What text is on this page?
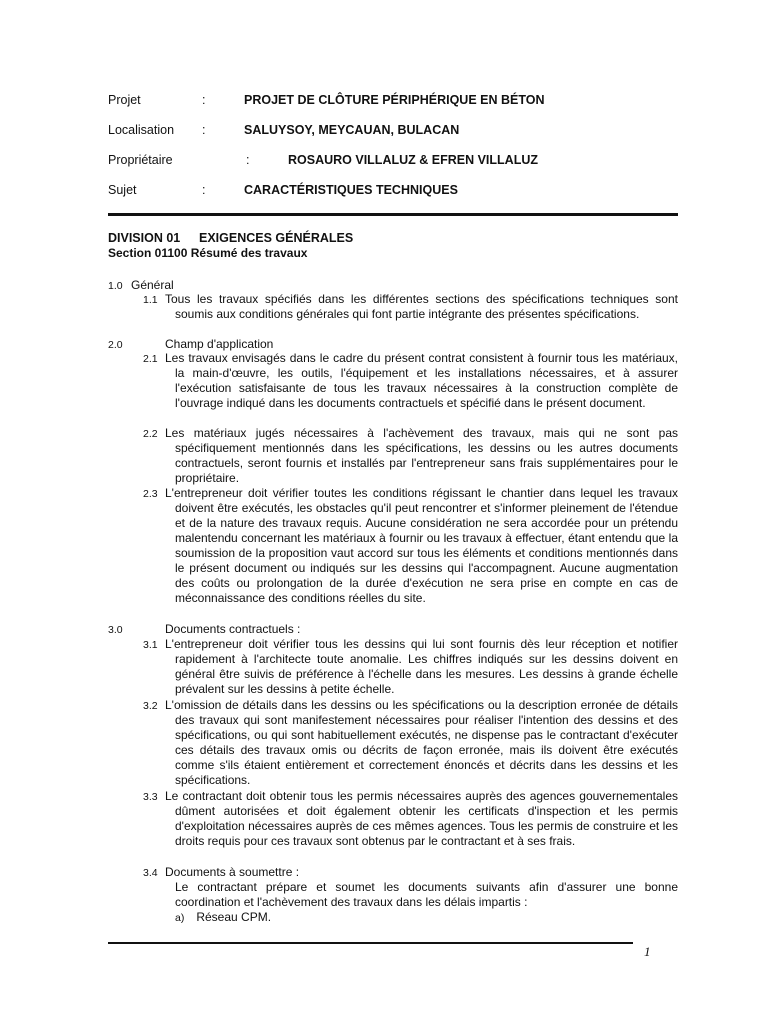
Projet	:	PROJET DE CLÔTURE PÉRIPHÉRIQUE EN BÉTON
Localisation :	SALUYSOY, MEYCAUAN, BULACAN
Propriétaire	:	ROSAURO VILLALUZ & EFREN VILLALUZ
Sujet	:	CARACTÉRISTIQUES TECHNIQUES
DIVISION 01 EXIGENCES GÉNÉRALES
Section 01100 Résumé des travaux
1.0 Général
1.1 Tous les travaux spécifiés dans les différentes sections des spécifications techniques sont soumis aux conditions générales qui font partie intégrante des présentes spécifications.
2.0	Champ d'application
2.1 Les travaux envisagés dans le cadre du présent contrat consistent à fournir tous les matériaux, la main-d'œuvre, les outils, l'équipement et les installations nécessaires, et à assurer l'exécution satisfaisante de tous les travaux nécessaires à la construction complète de l'ouvrage indiqué dans les documents contractuels et spécifié dans le présent document.
2.2 Les matériaux jugés nécessaires à l'achèvement des travaux, mais qui ne sont pas spécifiquement mentionnés dans les spécifications, les dessins ou les autres documents contractuels, seront fournis et installés par l'entrepreneur sans frais supplémentaires pour le propriétaire.
2.3 L'entrepreneur doit vérifier toutes les conditions régissant le chantier dans lequel les travaux doivent être exécutés, les obstacles qu'il peut rencontrer et s'informer pleinement de l'étendue et de la nature des travaux requis. Aucune considération ne sera accordée pour un prétendu malentendu concernant les matériaux à fournir ou les travaux à effectuer, étant entendu que la soumission de la proposition vaut accord sur tous les éléments et conditions mentionnés dans le présent document ou indiqués sur les dessins qui l'accompagnent. Aucune augmentation des coûts ou prolongation de la durée d'exécution ne sera prise en compte en cas de méconnaissance des conditions réelles du site.
3.0	Documents contractuels :
3.1 L'entrepreneur doit vérifier tous les dessins qui lui sont fournis dès leur réception et notifier rapidement à l'architecte toute anomalie. Les chiffres indiqués sur les dessins doivent en général être suivis de préférence à l'échelle dans les mesures. Les dessins à grande échelle prévalent sur les dessins à petite échelle.
3.2 L'omission de détails dans les dessins ou les spécifications ou la description erronée de détails des travaux qui sont manifestement nécessaires pour réaliser l'intention des dessins et des spécifications, ou qui sont habituellement exécutés, ne dispense pas le contractant d'exécuter ces détails des travaux omis ou décrits de façon erronée, mais ils doivent être exécutés comme s'ils étaient entièrement et correctement énoncés et décrits dans les dessins et les spécifications.
3.3 Le contractant doit obtenir tous les permis nécessaires auprès des agences gouvernementales dûment autorisées et doit également obtenir les certificats d'inspection et les permis d'exploitation nécessaires auprès de ces mêmes agences. Tous les permis de construire et les droits requis pour ces travaux sont obtenus par le contractant et à ses frais.
3.4 Documents à soumettre :
Le contractant prépare et soumet les documents suivants afin d'assurer une bonne coordination et l'achèvement des travaux dans les délais impartis :
a) Réseau CPM.
1
